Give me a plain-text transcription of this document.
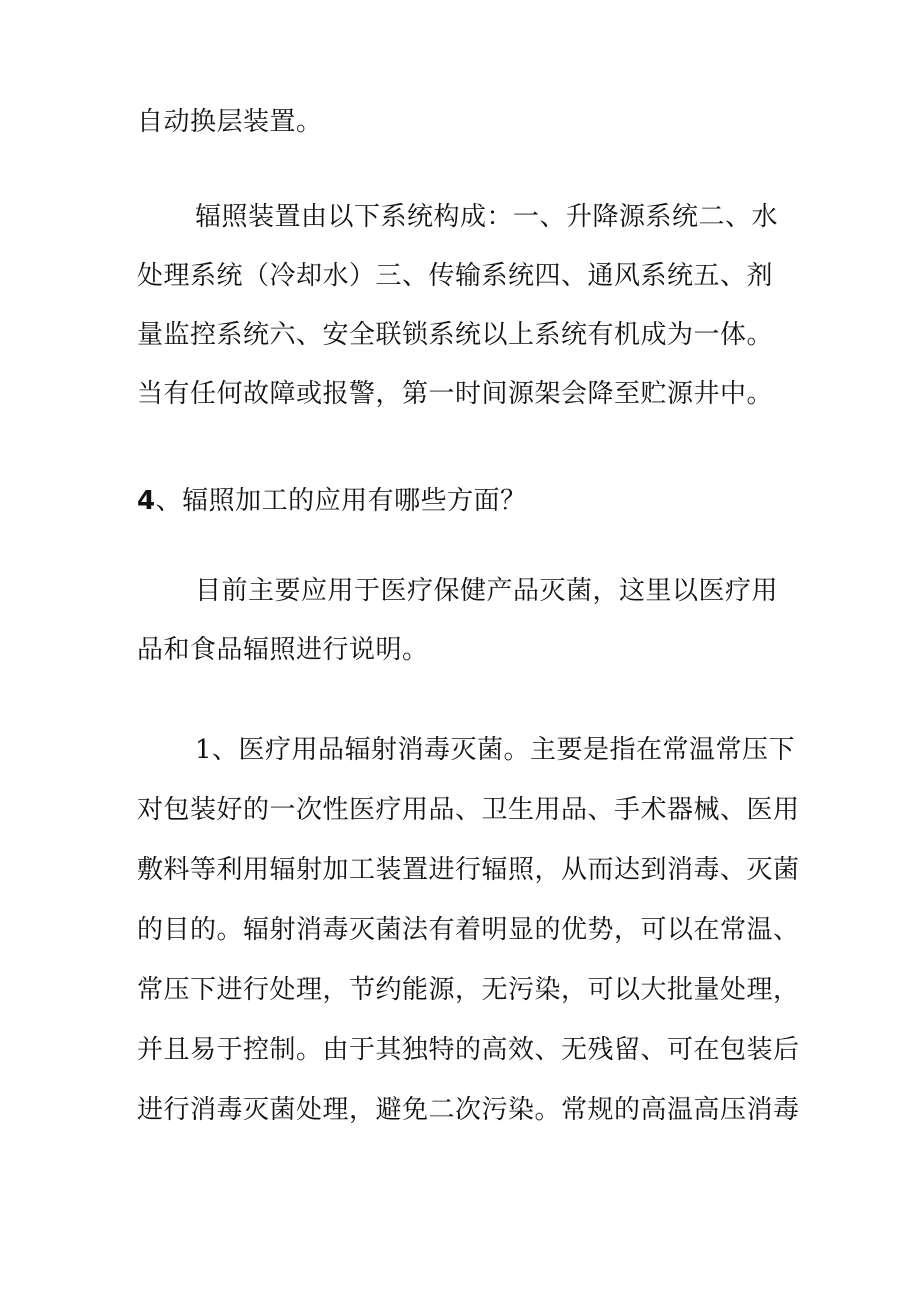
自动换层装置。
辐照装置由以下系统构成：一、升降源系统二、水
处理系统（冷却水）三、传输系统四、通风系统五、剂
量监控系统六、安全联锁系统以上系统有机成为一体。
当有任何故障或报警，第一时间源架会降至贮源井中。
4、辐照加工的应用有哪些方面？
目前主要应用于医疗保健产品灭菌，这里以医疗用
品和食品辐照进行说明。
1、医疗用品辐射消毒灭菌。主要是指在常温常压下
对包装好的一次性医疗用品、卫生用品、手术器械、医用
敷料等利用辐射加工装置进行辐照，从而达到消毒、灭菌
的目的。辐射消毒灭菌法有着明显的优势，可以在常温、
常压下进行处理，节约能源，无污染，可以大批量处理，
并且易于控制。由于其独特的高效、无残留、可在包装后
进行消毒灭菌处理，避免二次污染。常规的高温高压消毒
